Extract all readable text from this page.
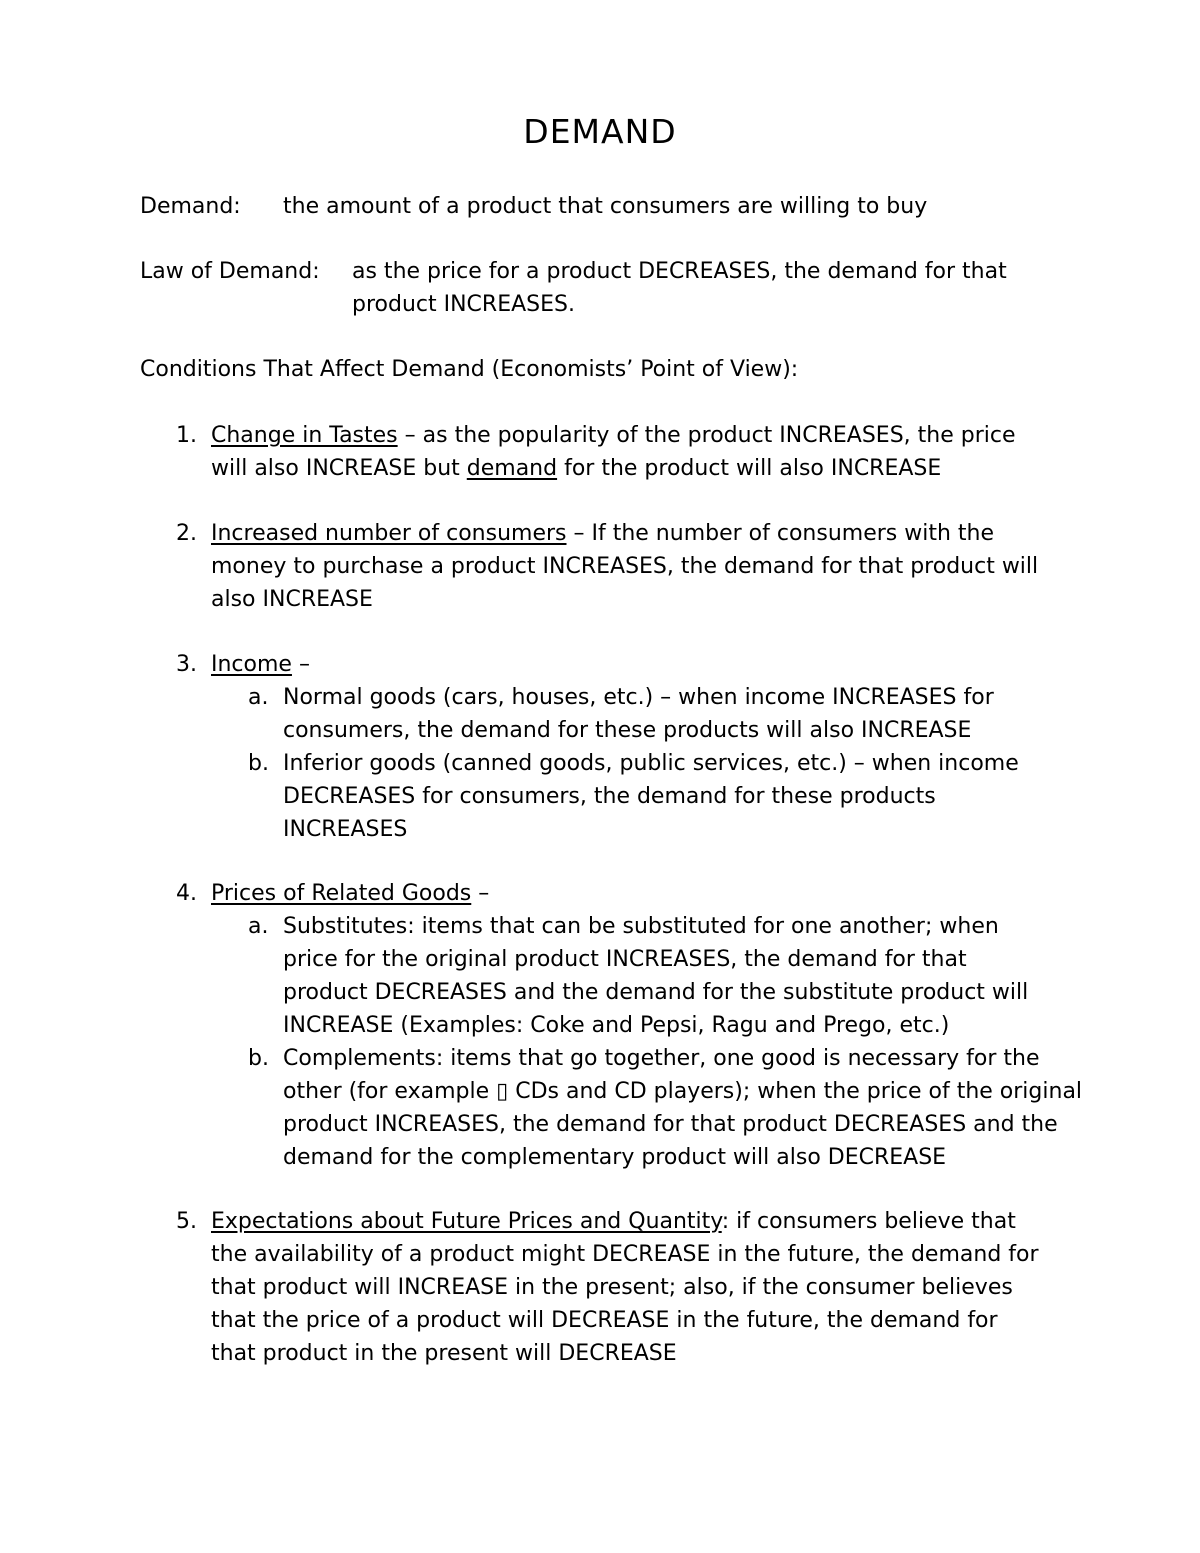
DEMAND
Demand: the amount of a product that consumers are willing to buy
Law of Demand: as the price for a product DECREASES, the demand for that
product INCREASES.
Conditions That Affect Demand (Economists’ Point of View):
1. Change in Tastes – as the popularity of the product INCREASES, the price
will also INCREASE but demand for the product will also INCREASE
2. Increased number of consumers – If the number of consumers with the
money to purchase a product INCREASES, the demand for that product will
also INCREASE
3. Income –
a. Normal goods (cars, houses, etc.) – when income INCREASES for
consumers, the demand for these products will also INCREASE
b. Inferior goods (canned goods, public services, etc.) – when income
DECREASES for consumers, the demand for these products
INCREASES
4. Prices of Related Goods –
a. Substitutes: items that can be substituted for one another; when
price for the original product INCREASES, the demand for that
product DECREASES and the demand for the substitute product will
INCREASE (Examples: Coke and Pepsi, Ragu and Prego, etc.)
b. Complements: items that go together, one good is necessary for the
other (for example ▯ CDs and CD players); when the price of the original
product INCREASES, the demand for that product DECREASES and the
demand for the complementary product will also DECREASE
5. Expectations about Future Prices and Quantity: if consumers believe that
the availability of a product might DECREASE in the future, the demand for
that product will INCREASE in the present; also, if the consumer believes
that the price of a product will DECREASE in the future, the demand for
that product in the present will DECREASE
